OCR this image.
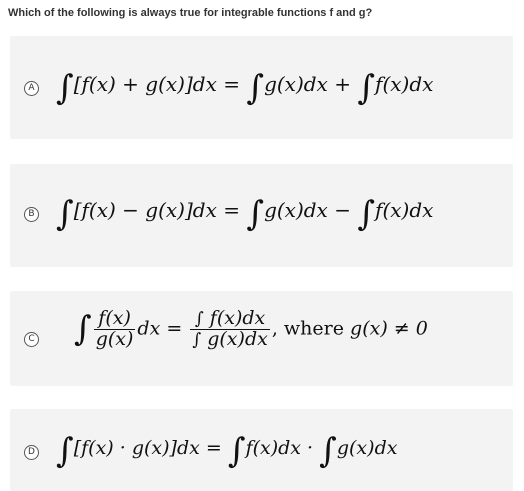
Which of the following is always true for integrable functions f and g?
A ∫[f(x) + g(x)]dx = ∫g(x)dx + ∫f(x)dx
B ∫[f(x) − g(x)]dx = ∫g(x)dx − ∫f(x)dx
C ∫ $\frac{f(x)}{g(x)}$ dx = $\frac{\int f(x)dx}{\int g(x)dx}$ , where g(x) ≠ 0
D ∫[f(x) · g(x)]dx = ∫f(x)dx · ∫g(x)dx
